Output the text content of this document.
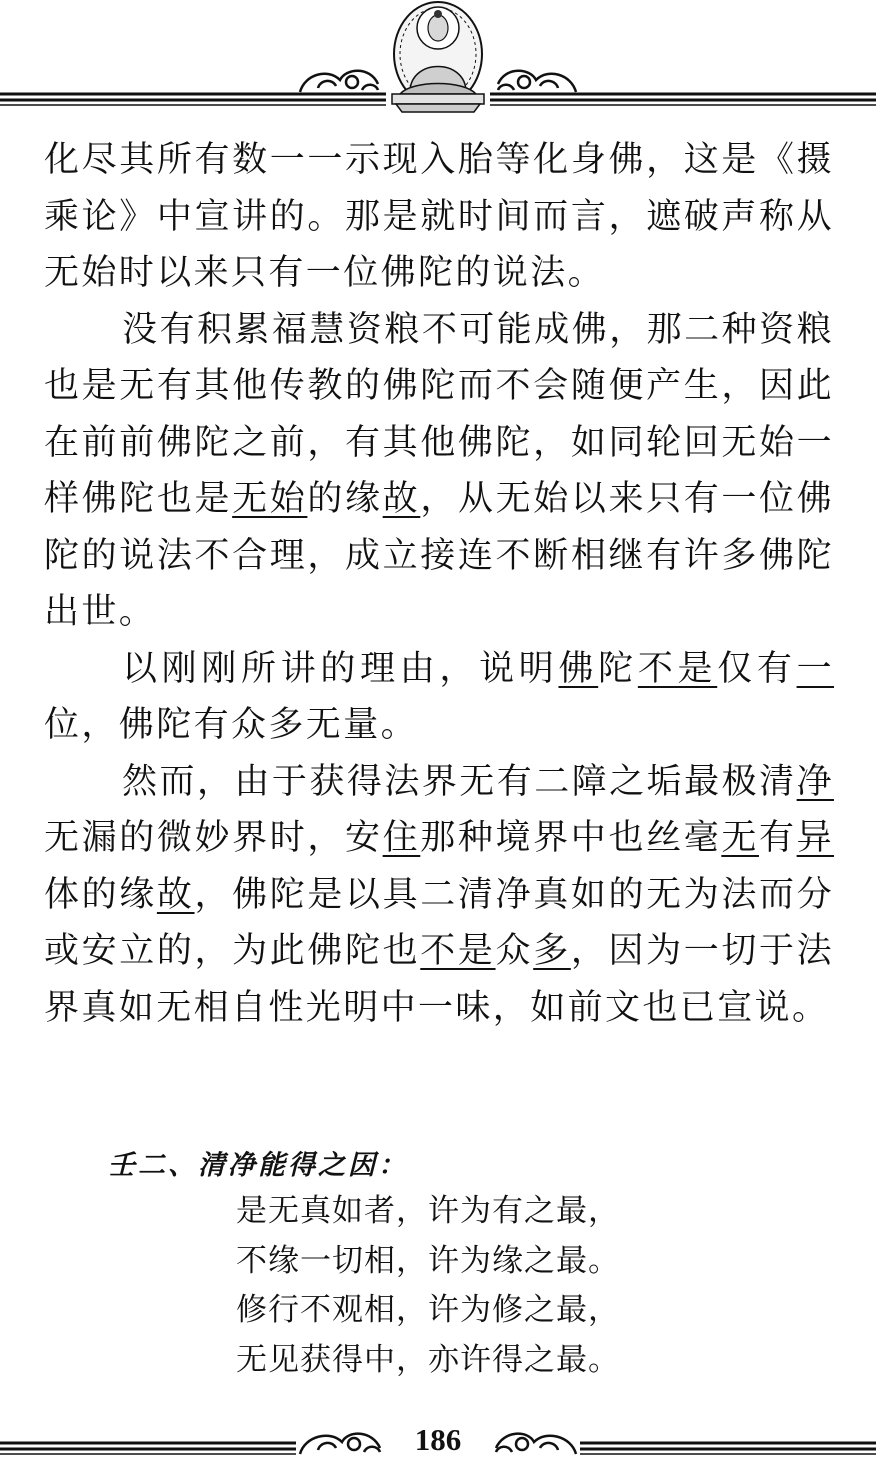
化尽其所有数一一示现入胎等化身佛，这是《摄乘论》中宣讲的。那是就时间而言，遮破声称从无始时以来只有一位佛陀的说法。

没有积累福慧资粮不可能成佛，那二种资粮也是无有其他传教的佛陀而不会随便产生，因此在前前佛陀之前，有其他佛陀，如同轮回无始一样佛陀也是无始的缘故，从无始以来只有一位佛陀的说法不合理，成立接连不断相继有许多佛陀出世。

以刚刚所讲的理由，说明佛陀不是仅有一位，佛陀有众多无量。

然而，由于获得法界无有二障之垢最极清净无漏的微妙界时，安住那种境界中也丝毫无有异体的缘故，佛陀是以具二清净真如的无为法而分或安立的，为此佛陀也不是众多，因为一切于法界真如无相自性光明中一味，如前文也已宣说。

壬二、清净能得之因：
是无真如者，许为有之最，
不缘一切相，许为缘之最。
修行不观相，许为修之最，
无见获得中，亦许得之最。
186
